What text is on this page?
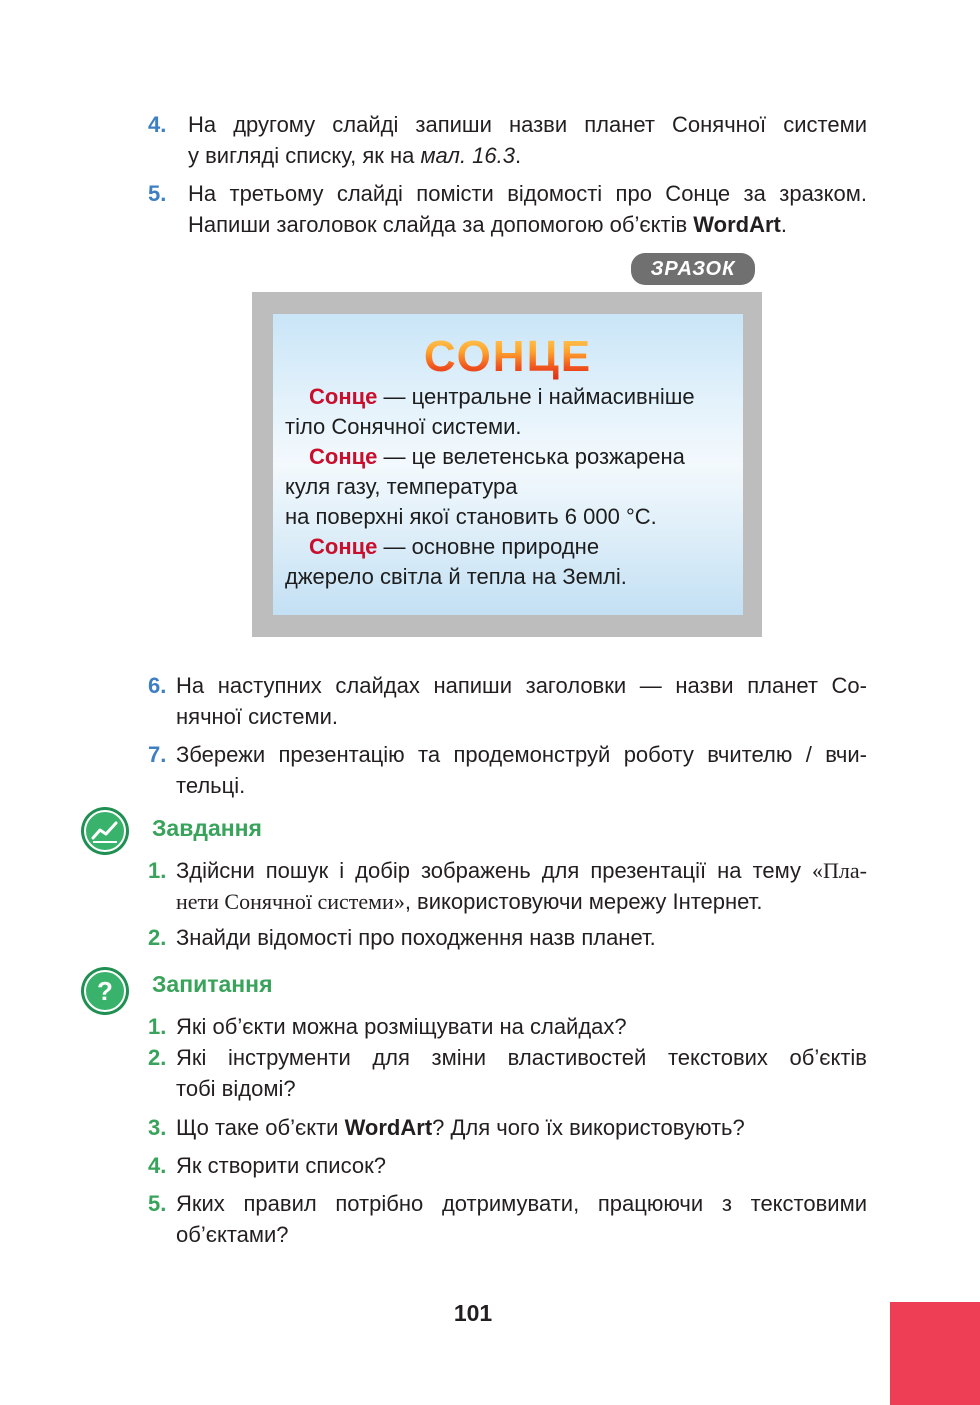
4. На другому слайді запиши назви планет Сонячної системи
у вигляді списку, як на мал. 16.3.
5. На третьому слайді помісти відомості про Сонце за зразком.
Напиши заголовок слайда за допомогою об’єктів WordArt.
ЗРАЗОК
СОНЦЕ
Сонце — центральне і наймасивніше
тіло Сонячної системи.
Сонце — це велетенська розжарена
куля газу, температура
на поверхні якої становить 6 000 °С.
Сонце — основне природне
джерело світла й тепла на Землі.
6. На наступних слайдах напиши заголовки — назви планет Со-
нячної системи.
7. Збережи презентацію та продемонструй роботу вчителю / вчи-
тельці.
Завдання
1. Здійсни пошук і добір зображень для презентації на тему «Пла-
нети Сонячної системи», використовуючи мережу Інтернет.
2. Знайди відомості про походження назв планет.
? Запитання
1. Які об’єкти можна розміщувати на слайдах?
2. Які інструменти для зміни властивостей текстових об’єктів
тобі відомі?
3. Що таке об’єкти WordArt? Для чого їх використовують?
4. Як створити список?
5. Яких правил потрібно дотримувати, працюючи з текстовими
об’єктами?
101
